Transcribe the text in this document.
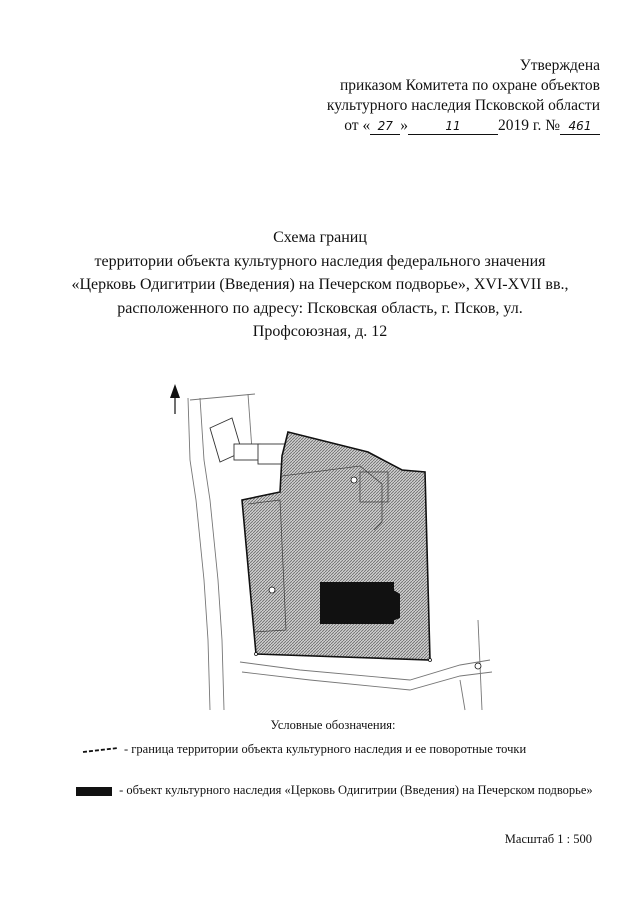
Утверждена
приказом Комитета по охране объектов
культурного наследия Псковской области
от « 27 »	11 2019 г. № 461
Схема границ
территории объекта культурного наследия федерального значения
«Церковь Одигитрии (Введения) на Печерском подворье», XVI-XVII вв.,
расположенного по адресу: Псковская область, г. Псков, ул.
Профсоюзная, д. 12
Условные обозначения:
- граница территории объекта культурного наследия и ее поворотные точки
- объект культурного наследия «Церковь Одигитрии (Введения) на Печерском подворье»
Масштаб 1 : 500
